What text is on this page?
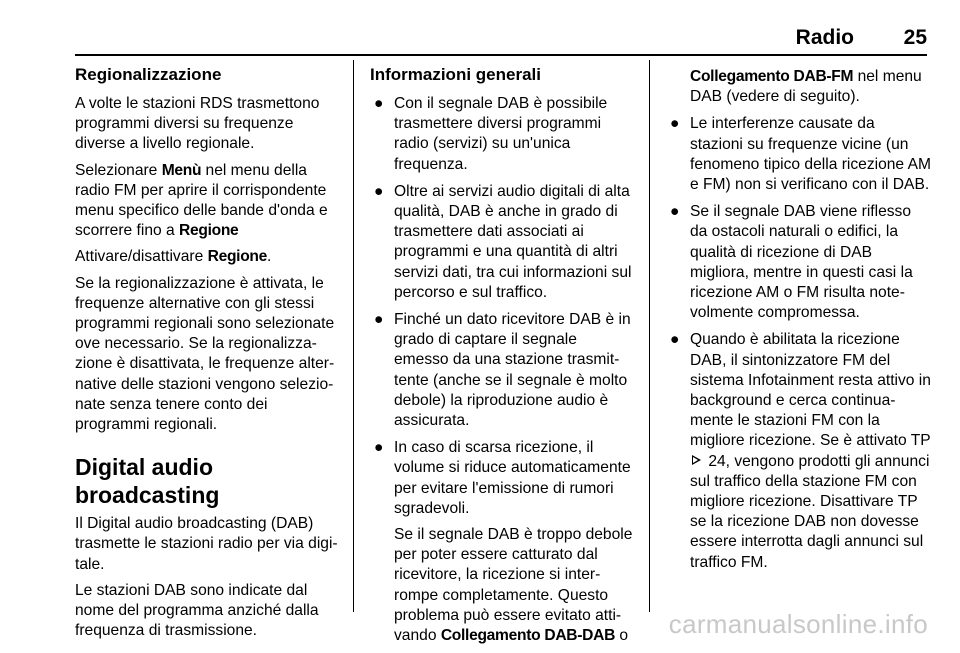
Radio 25
Regionalizzazione

A volte le stazioni RDS trasmettono programmi diversi su frequenze diverse a livello regionale.

Selezionare Menù nel menu della radio FM per aprire il corrispondente menu specifico delle bande d'onda e scorrere fino a Regione

Attivare/disattivare Regione.

Se la regionalizzazione è attivata, le frequenze alternative con gli stessi programmi regionali sono selezionate ove necessario. Se la regionalizzazione è disattivata, le frequenze alternative delle stazioni vengono selezionate senza tenere conto dei programmi regionali.

Digital audio broadcasting

Il Digital audio broadcasting (DAB) trasmette le stazioni radio per via digitale.

Le stazioni DAB sono indicate dal nome del programma anziché dalla frequenza di trasmissione.

Informazioni generali
● Con il segnale DAB è possibile trasmettere diversi programmi radio (servizi) su un'unica frequenza.

● Oltre ai servizi audio digitali di alta qualità, DAB è anche in grado di trasmettere dati associati ai programmi e una quantità di altri servizi dati, tra cui informazioni sul percorso e sul traffico.

● Finché un dato ricevitore DAB è in grado di captare il segnale emesso da una stazione trasmittente (anche se il segnale è molto debole) la riproduzione audio è assicurata.

● In caso di scarsa ricezione, il volume si riduce automaticamente per evitare l'emissione di rumori sgradevoli.

Se il segnale DAB è troppo debole per poter essere catturato dal ricevitore, la ricezione si interrompe completamente. Questo problema può essere evitato attivando Collegamento DAB-DAB o

Collegamento DAB-FM nel menu DAB (vedere di seguito).

● Le interferenze causate da stazioni su frequenze vicine (un fenomeno tipico della ricezione AM e FM) non si verificano con il DAB.

● Se il segnale DAB viene riflesso da ostacoli naturali o edifici, la qualità di ricezione di DAB migliora, mentre in questi casi la ricezione AM o FM risulta notevolmente compromessa.

● Quando è abilitata la ricezione DAB, il sintonizzatore FM del sistema Infotainment resta attivo in background e cerca continuamente le stazioni FM con la migliore ricezione. Se è attivato TP  24, vengono prodotti gli annunci sul traffico della stazione FM con migliore ricezione. Disattivare TP se la ricezione DAB non dovesse essere interrotta dagli annunci sul traffico FM.

carmanualsonline.info
